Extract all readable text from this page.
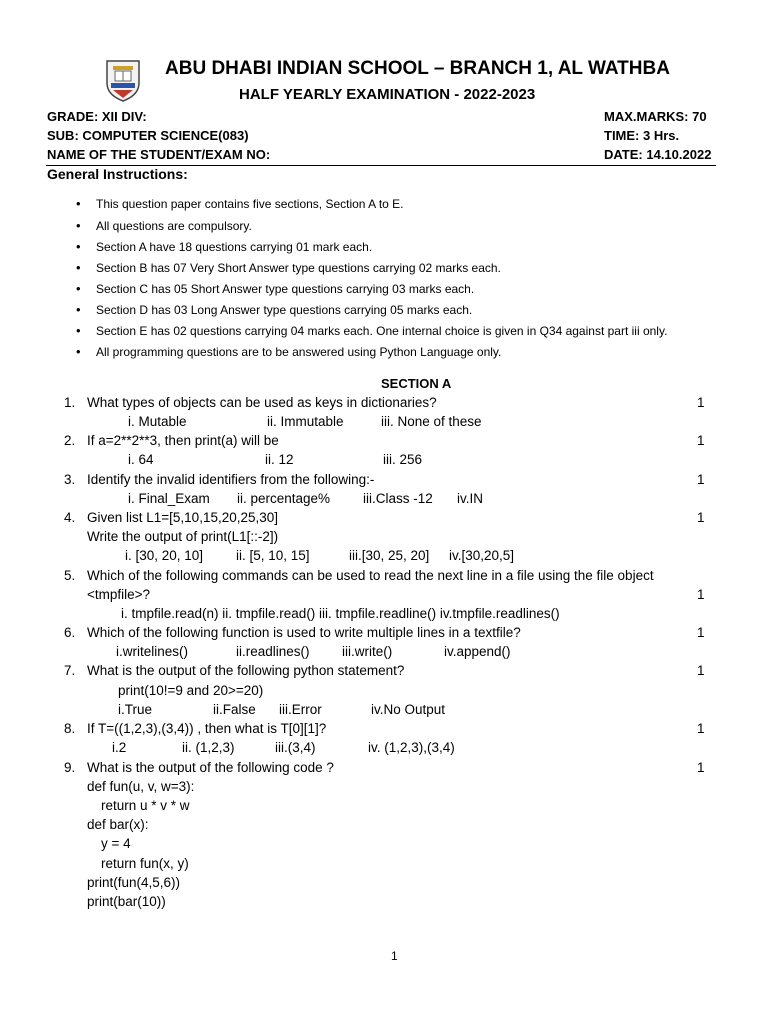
ABU DHABI INDIAN SCHOOL – BRANCH 1, AL WATHBA
HALF YEARLY EXAMINATION - 2022-2023
GRADE: XII DIV:
SUB: COMPUTER SCIENCE(083)
NAME OF THE STUDENT/EXAM NO:
MAX.MARKS: 70
TIME: 3 Hrs.
DATE: 14.10.2022
General Instructions:
• This question paper contains five sections, Section A to E.
• All questions are compulsory.
• Section A have 18 questions carrying 01 mark each.
• Section B has 07 Very Short Answer type questions carrying 02 marks each.
• Section C has 05 Short Answer type questions carrying 03 marks each.
• Section D has 03 Long Answer type questions carrying 05 marks each.
• Section E has 02 questions carrying 04 marks each. One internal choice is given in Q34 against part iii only.
• All programming questions are to be answered using Python Language only.
SECTION A
1. What types of objects can be used as keys in dictionaries?	1
i. Mutable	ii. Immutable	iii. None of these
2. If a=2**2**3, then print(a) will be	1
i. 64	ii. 12	iii. 256
3. Identify the invalid identifiers from the following:-	1
i. Final_Exam ii. percentage% iii.Class -12 iv.IN
4. Given list L1=[5,10,15,20,25,30]	1
Write the output of print(L1[::-2])
i. [30, 20, 10] ii. [5, 10, 15]	iii.[30, 25, 20] iv.[30,20,5]
5. Which of the following commands can be used to read the next line in a file using the file object
<tmpfile>?	1
i. tmpfile.read(n) ii. tmpfile.read() iii. tmpfile.readline() iv.tmpfile.readlines()
6. Which of the following function is used to write multiple lines in a textfile?	1
i.writelines()	ii.readlines() iii.write()	iv.append()
7. What is the output of the following python statement?	1
print(10!=9 and 20>=20)
i.True	ii.False iii.Error	iv.No Output
8. If T=((1,2,3),(3,4)) , then what is T[0][1]?	1
i.2	ii. (1,2,3)	iii.(3,4)	iv. (1,2,3),(3,4)
9. What is the output of the following code ?	1
def fun(u, v, w=3):
return u * v * w
def bar(x):
y = 4
return fun(x, y)
print(fun(4,5,6))
print(bar(10))
1
